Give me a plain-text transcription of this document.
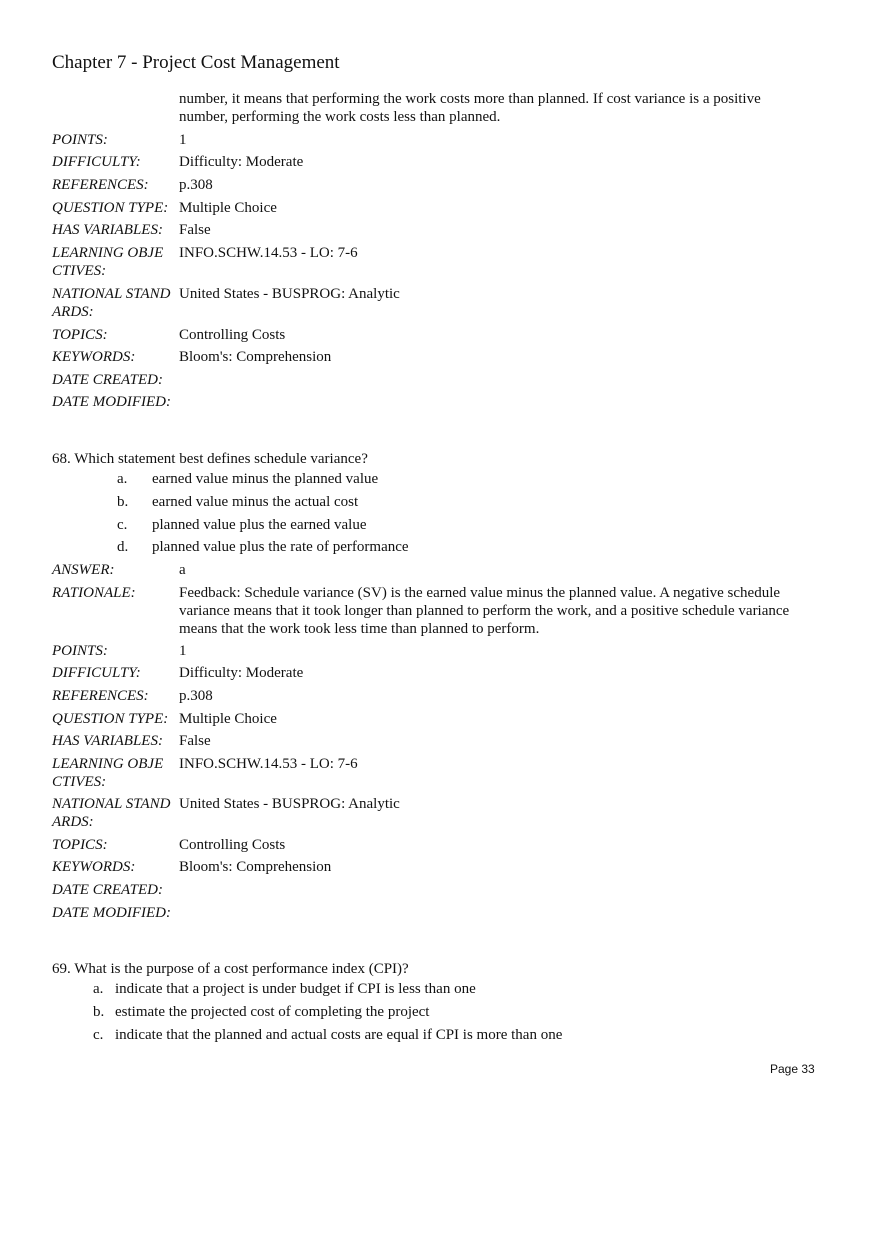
Chapter 7 - Project Cost Management
number, it means that performing the work costs more than planned. If cost variance is a positive
number, performing the work costs less than planned.
POINTS:	1
DIFFICULTY:	Difficulty: Moderate
REFERENCES: p.308
QUESTION TYPE: Multiple Choice
HAS VARIABLES: False
LEARNING OBJE
CTIVES:
INFO.SCHW.14.53 - LO: 7-6
NATIONAL STAND
ARDS:
United States - BUSPROG: Analytic
TOPICS:	Controlling Costs
KEYWORDS:	Bloom's: Comprehension
DATE CREATED:
DATE MODIFIED:
68. Which statement best defines schedule variance?
a. earned value minus the planned value
b. earned value minus the actual cost
c. planned value plus the earned value
d. planned value plus the rate of performance
ANSWER:	a
RATIONALE:	Feedback: Schedule variance (SV) is the earned value minus the planned value. A negative schedule
variance means that it took longer than planned to perform the work, and a positive schedule variance
means that the work took less time than planned to perform.
POINTS:	1
DIFFICULTY:	Difficulty: Moderate
REFERENCES: p.308
QUESTION TYPE: Multiple Choice
HAS VARIABLES: False
LEARNING OBJE
CTIVES:
INFO.SCHW.14.53 - LO: 7-6
NATIONAL STAND
ARDS:
United States - BUSPROG: Analytic
TOPICS:	Controlling Costs
KEYWORDS:	Bloom's: Comprehension
DATE CREATED:
DATE MODIFIED:
69. What is the purpose of a cost performance index (CPI)?
a. indicate that a project is under budget if CPI is less than one
b. estimate the projected cost of completing the project
c. indicate that the planned and actual costs are equal if CPI is more than one
Page 33
